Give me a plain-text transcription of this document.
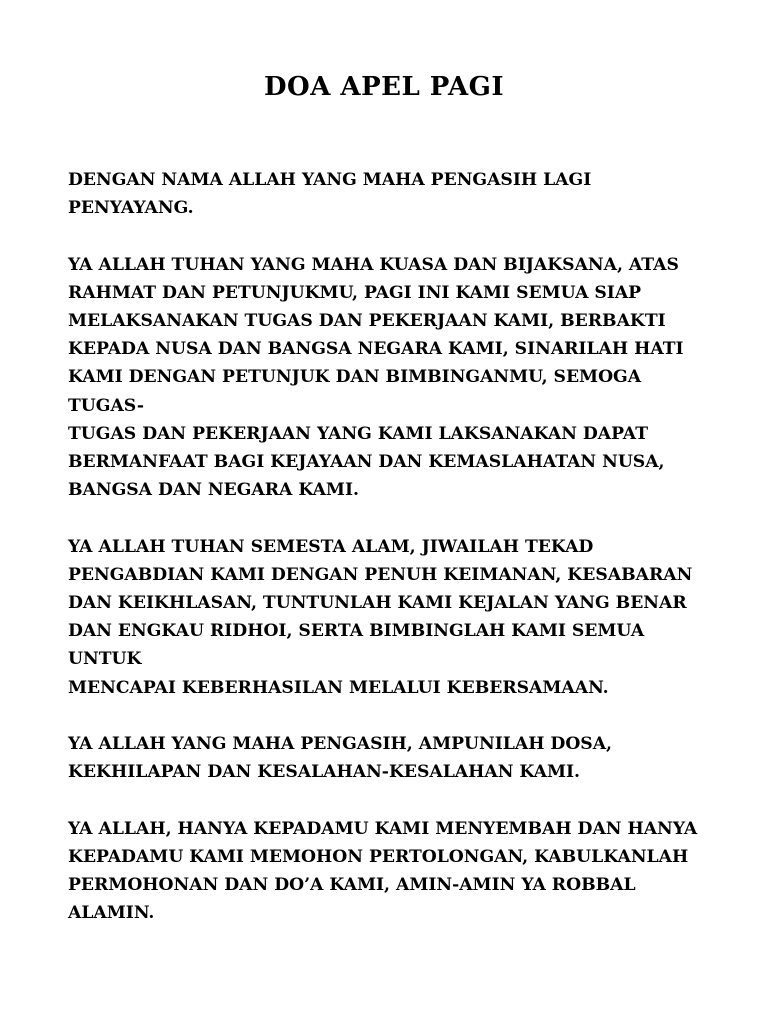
DOA APEL PAGI

DENGAN NAMA ALLAH YANG MAHA PENGASIH LAGI
PENYAYANG.

YA ALLAH TUHAN YANG MAHA KUASA DAN BIJAKSANA, ATAS
RAHMAT DAN PETUNJUKMU, PAGI INI KAMI SEMUA SIAP
MELAKSANAKAN TUGAS DAN PEKERJAAN KAMI, BERBAKTI
KEPADA NUSA DAN BANGSA NEGARA KAMI, SINARILAH HATI
KAMI DENGAN PETUNJUK DAN BIMBINGANMU, SEMOGA TUGAS-
TUGAS DAN PEKERJAAN YANG KAMI LAKSANAKAN DAPAT
BERMANFAAT BAGI KEJAYAAN DAN KEMASLAHATAN NUSA,
BANGSA DAN NEGARA KAMI.

YA ALLAH TUHAN SEMESTA ALAM, JIWAILAH TEKAD
PENGABDIAN KAMI DENGAN PENUH KEIMANAN, KESABARAN
DAN KEIKHLASAN, TUNTUNLAH KAMI KEJALAN YANG BENAR
DAN ENGKAU RIDHOI, SERTA BIMBINGLAH KAMI SEMUA UNTUK
MENCAPAI KEBERHASILAN MELALUI KEBERSAMAAN.

YA ALLAH YANG MAHA PENGASIH, AMPUNILAH DOSA,
KEKHILAPAN DAN KESALAHAN-KESALAHAN KAMI.

YA ALLAH, HANYA KEPADAMU KAMI MENYEMBAH DAN HANYA
KEPADAMU KAMI MEMOHON PERTOLONGAN, KABULKANLAH
PERMOHONAN DAN DO’A KAMI, AMIN-AMIN YA ROBBAL
ALAMIN.
